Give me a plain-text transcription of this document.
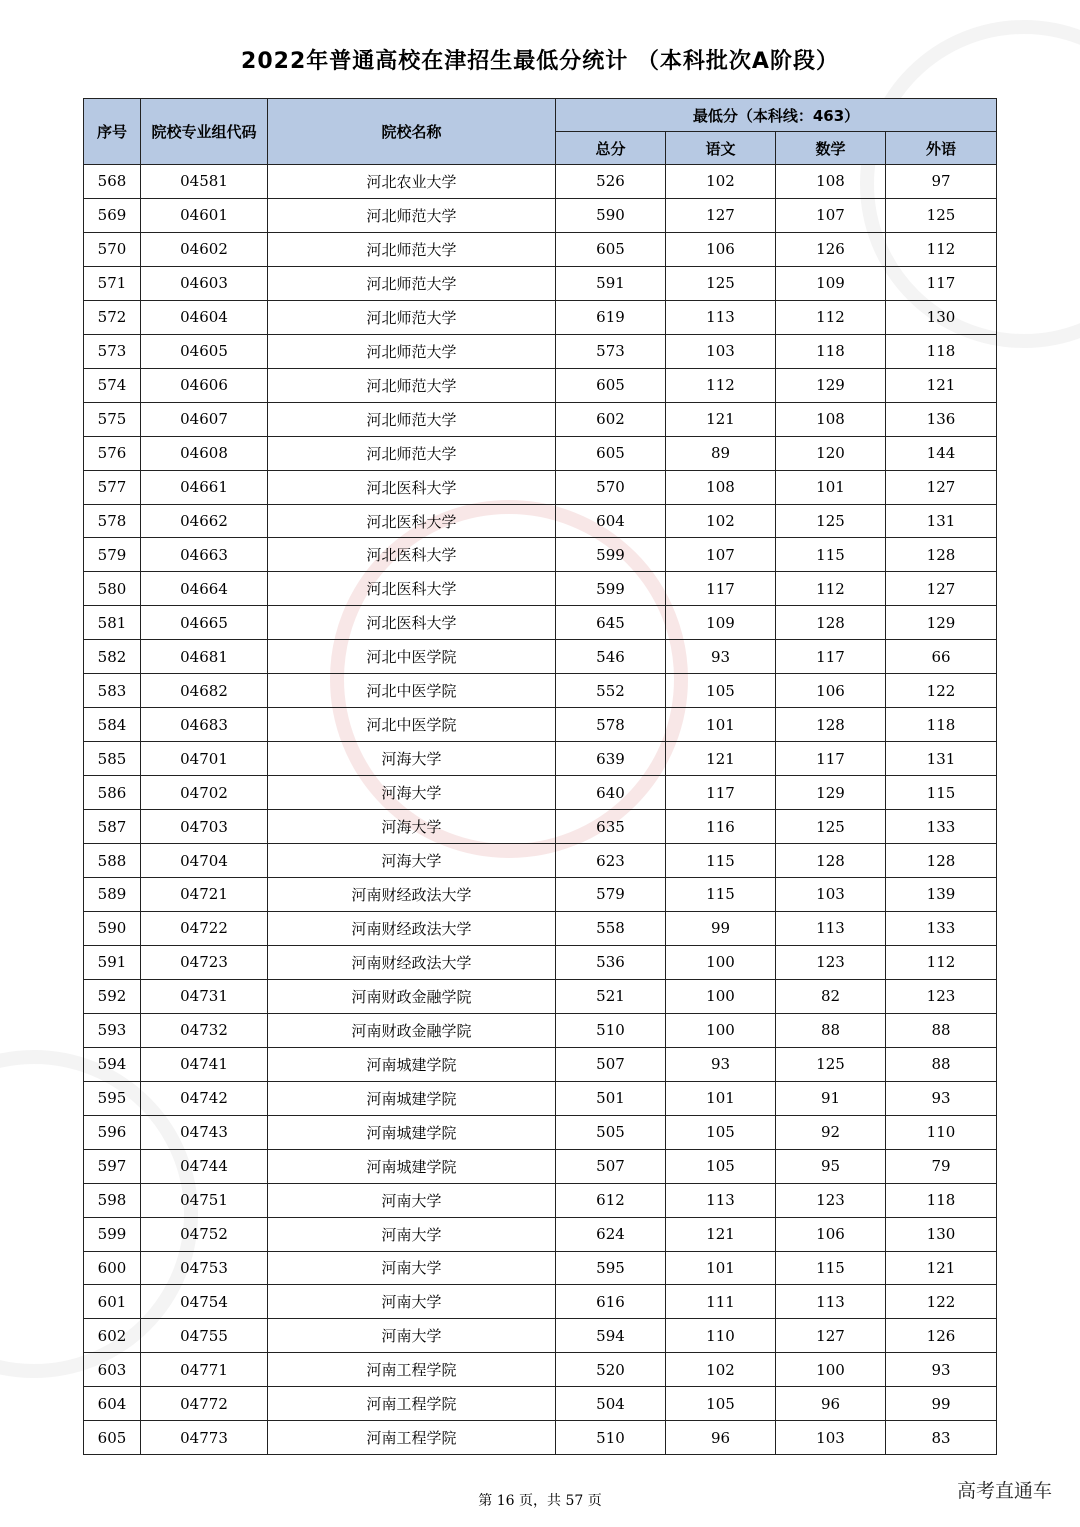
2022年普通高校在津招生最低分统计 （本科批次A阶段）
序号	院校专业组代码	院校名称	最低分（本科线：463）			
			总分	语文	数学	外语
568	04581	河北农业大学	526	102	108	97
569	04601	河北师范大学	590	127	107	125
570	04602	河北师范大学	605	106	126	112
571	04603	河北师范大学	591	125	109	117
572	04604	河北师范大学	619	113	112	130
573	04605	河北师范大学	573	103	118	118
574	04606	河北师范大学	605	112	129	121
575	04607	河北师范大学	602	121	108	136
576	04608	河北师范大学	605	89	120	144
577	04661	河北医科大学	570	108	101	127
578	04662	河北医科大学	604	102	125	131
579	04663	河北医科大学	599	107	115	128
580	04664	河北医科大学	599	117	112	127
581	04665	河北医科大学	645	109	128	129
582	04681	河北中医学院	546	93	117	66
583	04682	河北中医学院	552	105	106	122
584	04683	河北中医学院	578	101	128	118
585	04701	河海大学	639	121	117	131
586	04702	河海大学	640	117	129	115
587	04703	河海大学	635	116	125	133
588	04704	河海大学	623	115	128	128
589	04721	河南财经政法大学	579	115	103	139
590	04722	河南财经政法大学	558	99	113	133
591	04723	河南财经政法大学	536	100	123	112
592	04731	河南财政金融学院	521	100	82	123
593	04732	河南财政金融学院	510	100	88	88
594	04741	河南城建学院	507	93	125	88
595	04742	河南城建学院	501	101	91	93
596	04743	河南城建学院	505	105	92	110
597	04744	河南城建学院	507	105	95	79
598	04751	河南大学	612	113	123	118
599	04752	河南大学	624	121	106	130
600	04753	河南大学	595	101	115	121
601	04754	河南大学	616	111	113	122
602	04755	河南大学	594	110	127	126
603	04771	河南工程学院	520	102	100	93
604	04772	河南工程学院	504	105	96	99
605	04773	河南工程学院	510	96	103	83
第 16 页，共 57 页	高考直通车
